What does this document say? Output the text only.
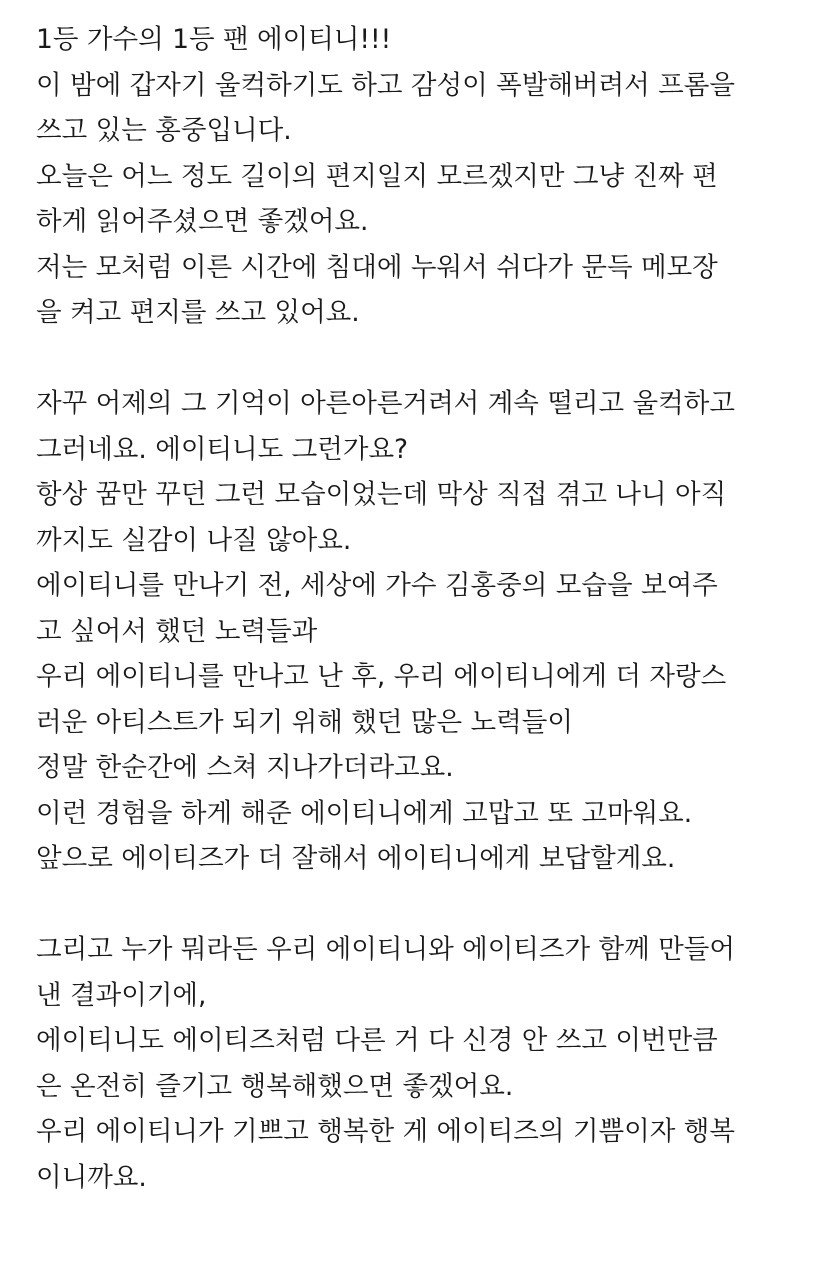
1등 가수의 1등 팬 에이티니!!!
이 밤에 갑자기 울컥하기도 하고 감성이 폭발해버려서 프롬을
쓰고 있는 홍중입니다.
오늘은 어느 정도 길이의 편지일지 모르겠지만 그냥 진짜 편
하게 읽어주셨으면 좋겠어요.
저는 모처럼 이른 시간에 침대에 누워서 쉬다가 문득 메모장
을 켜고 편지를 쓰고 있어요.
자꾸 어제의 그 기억이 아른아른거려서 계속 떨리고 울컥하고
그러네요. 에이티니도 그런가요?
항상 꿈만 꾸던 그런 모습이었는데 막상 직접 겪고 나니 아직
까지도 실감이 나질 않아요.
에이티니를 만나기 전, 세상에 가수 김홍중의 모습을 보여주
고 싶어서 했던 노력들과
우리 에이티니를 만나고 난 후, 우리 에이티니에게 더 자랑스
러운 아티스트가 되기 위해 했던 많은 노력들이
정말 한순간에 스쳐 지나가더라고요.
이런 경험을 하게 해준 에이티니에게 고맙고 또 고마워요.
앞으로 에이티즈가 더 잘해서 에이티니에게 보답할게요.
그리고 누가 뭐라든 우리 에이티니와 에이티즈가 함께 만들어
낸 결과이기에,
에이티니도 에이티즈처럼 다른 거 다 신경 안 쓰고 이번만큼
은 온전히 즐기고 행복해했으면 좋겠어요.
우리 에이티니가 기쁘고 행복한 게 에이티즈의 기쁨이자 행복
이니까요.
